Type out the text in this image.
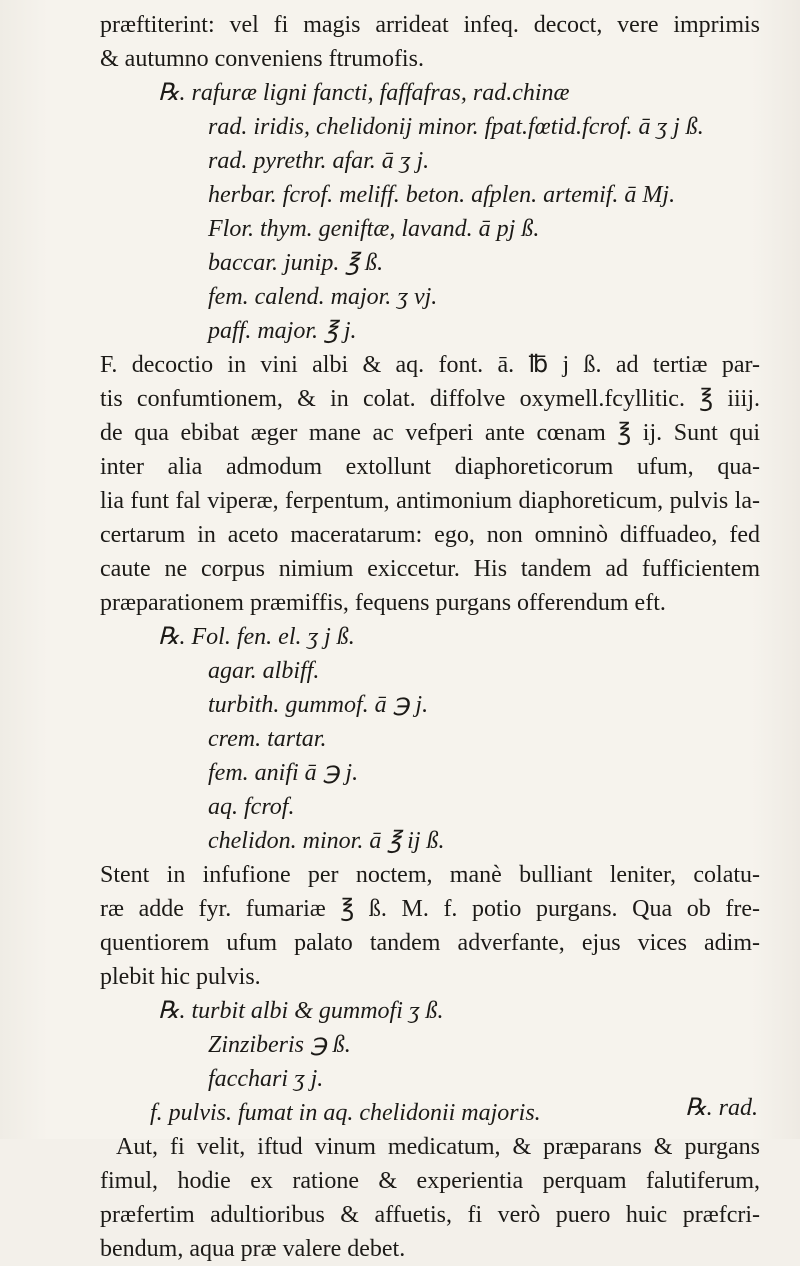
præftiterint: vel fi magis arrideat infeq. decoct, vere imprimis
& autumno conveniens ftrumofis.
℞. rafuræ ligni fancti, faffafras, rad.chinæ
rad. iridis, chelidonij minor. fpat.fœtid.fcrof. ā ʒ j ß.
rad. pyrethr. afar. ā ʒ j.
herbar. fcrof. meliff. beton. afplen. artemif. ā Mj.
Flor. thym. geniftæ, lavand. ā pj ß.
baccar. junip. ℥ ß.
fem. calend. major. ʒ vj.
paff. major. ℥ j.
F. decoctio in vini albi & aq. font. ā. ℔ j ß. ad tertiæ par-
tis confumtionem, & in colat. diffolve oxymell.fcyllitic. ℥ iiij.
de qua ebibat æger mane ac vefperi ante cœnam ℥ ij. Sunt qui
inter alia admodum extollunt diaphoreticorum ufum, qua-
lia funt fal viperæ, ferpentum, antimonium diaphoreticum, pulvis la-
certarum in aceto maceratarum: ego, non omninò diffuadeo, fed
caute ne corpus nimium exiccetur. His tandem ad fufficientem
præparationem præmiffis, fequens purgans offerendum eft.
℞. Fol. fen. el. ʒ j ß.
agar. albiff.
turbith. gummof. ā ℈ j.
crem. tartar.
fem. anifi ā ℈ j.
aq. fcrof.
chelidon. minor. ā ℥ ij ß.
Stent in infufione per noctem, manè bulliant leniter, colatu-
ræ adde fyr. fumariæ ℥ ß. M. f. potio purgans. Qua ob fre-
quentiorem ufum palato tandem adverfante, ejus vices adim-
plebit hic pulvis.
℞. turbit albi & gummofi ʒ ß.
Zinziberis ℈ ß.
facchari ʒ j.
f. pulvis. fumat in aq. chelidonii majoris.
Aut, fi velit, iftud vinum medicatum, & præparans & purgans
fimul, hodie ex ratione & experientia perquam falutiferum,
præfertim adultioribus & affuetis, fi verò puero huic præfcri-
bendum, aqua præ valere debet.
℞. rad.
